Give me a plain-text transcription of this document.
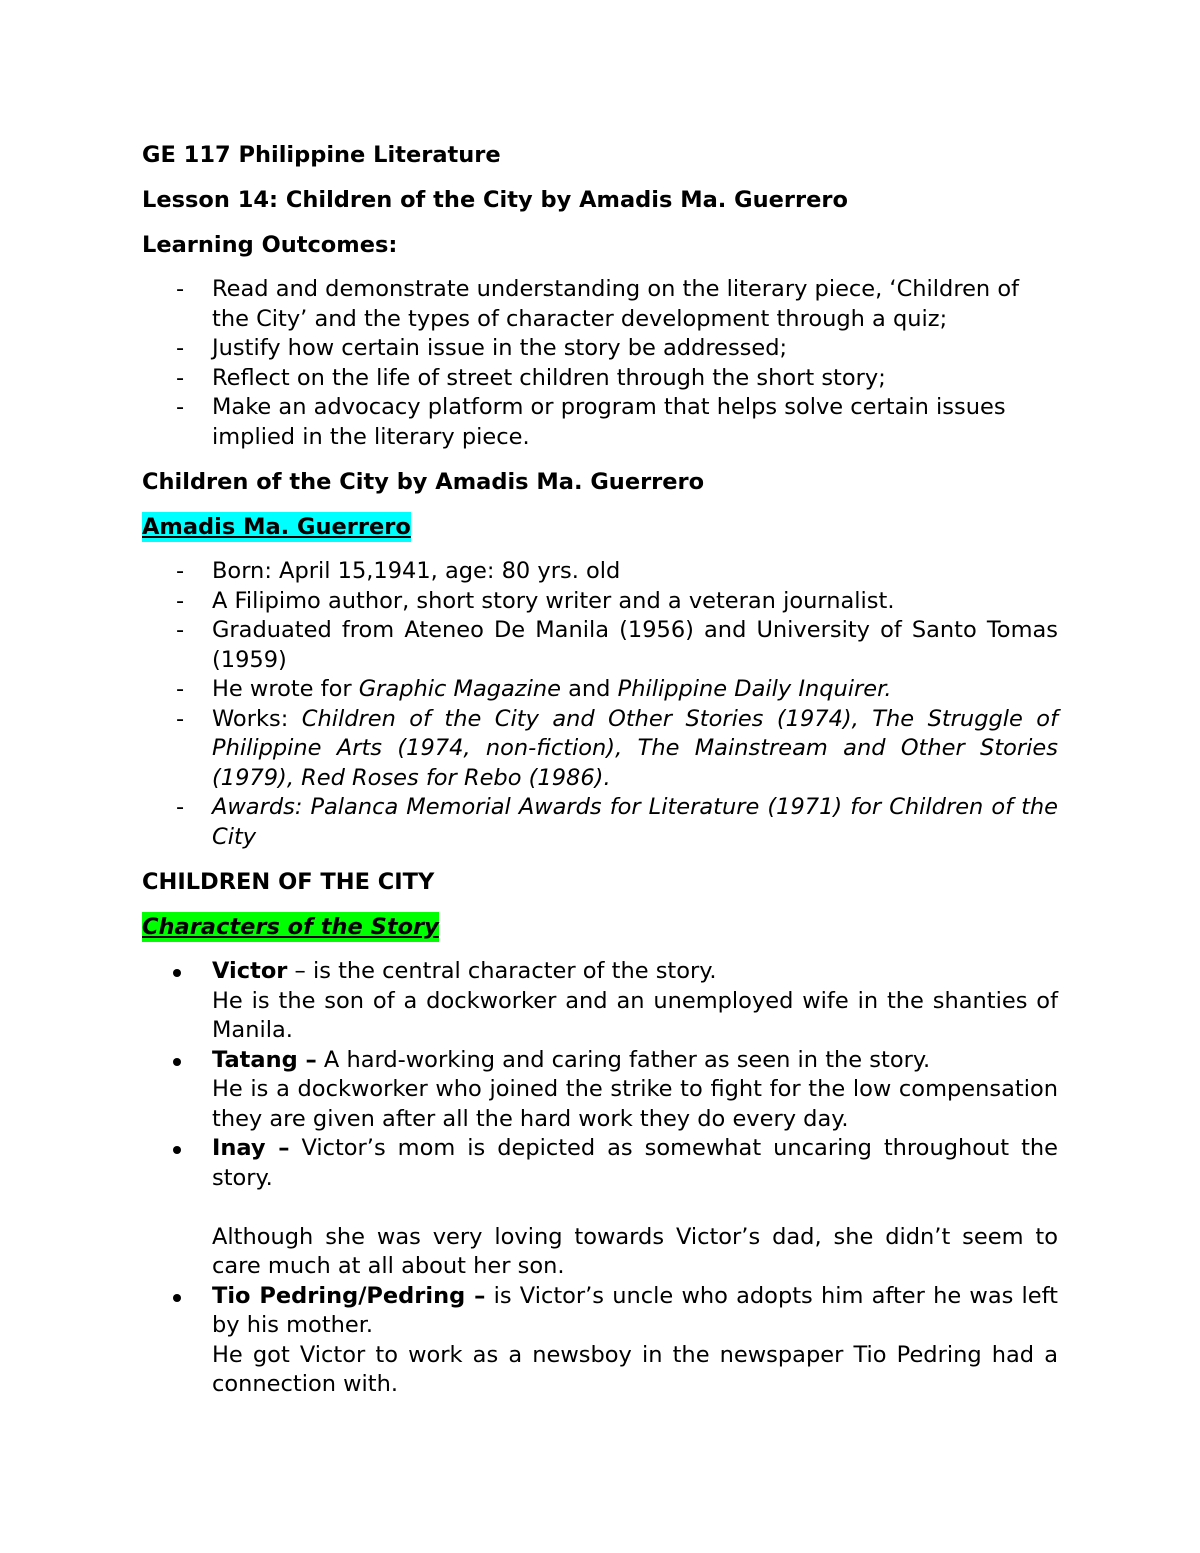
GE 117 Philippine Literature

Lesson 14: Children of the City by Amadis Ma. Guerrero

Learning Outcomes:

- Read and demonstrate understanding on the literary piece, ‘Children of the City’ and the types of character development through a quiz;
- Justify how certain issue in the story be addressed;
- Reflect on the life of street children through the short story;
- Make an advocacy platform or program that helps solve certain issues implied in the literary piece.

Children of the City by Amadis Ma. Guerrero

Amadis Ma. Guerrero

- Born: April 15,1941, age: 80 yrs. old
- A Filipimo author, short story writer and a veteran journalist.
- Graduated from Ateneo De Manila (1956) and University of Santo Tomas (1959)
- He wrote for Graphic Magazine and Philippine Daily Inquirer.
- Works: Children of the City and Other Stories (1974), The Struggle of Philippine Arts (1974, non-fiction), The Mainstream and Other Stories (1979), Red Roses for Rebo (1986).
- Awards: Palanca Memorial Awards for Literature (1971) for Children of the City

CHILDREN OF THE CITY

Characters of the Story

Victor – is the central character of the story.
He is the son of a dockworker and an unemployed wife in the shanties of Manila.
Tatang – A hard-working and caring father as seen in the story.
He is a dockworker who joined the strike to fight for the low compensation they are given after all the hard work they do every day.
Inay – Victor’s mom is depicted as somewhat uncaring throughout the story.
Although she was very loving towards Victor’s dad, she didn’t seem to care much at all about her son.
Tio Pedring/Pedring – is Victor’s uncle who adopts him after he was left by his mother.
He got Victor to work as a newsboy in the newspaper Tio Pedring had a connection with.
